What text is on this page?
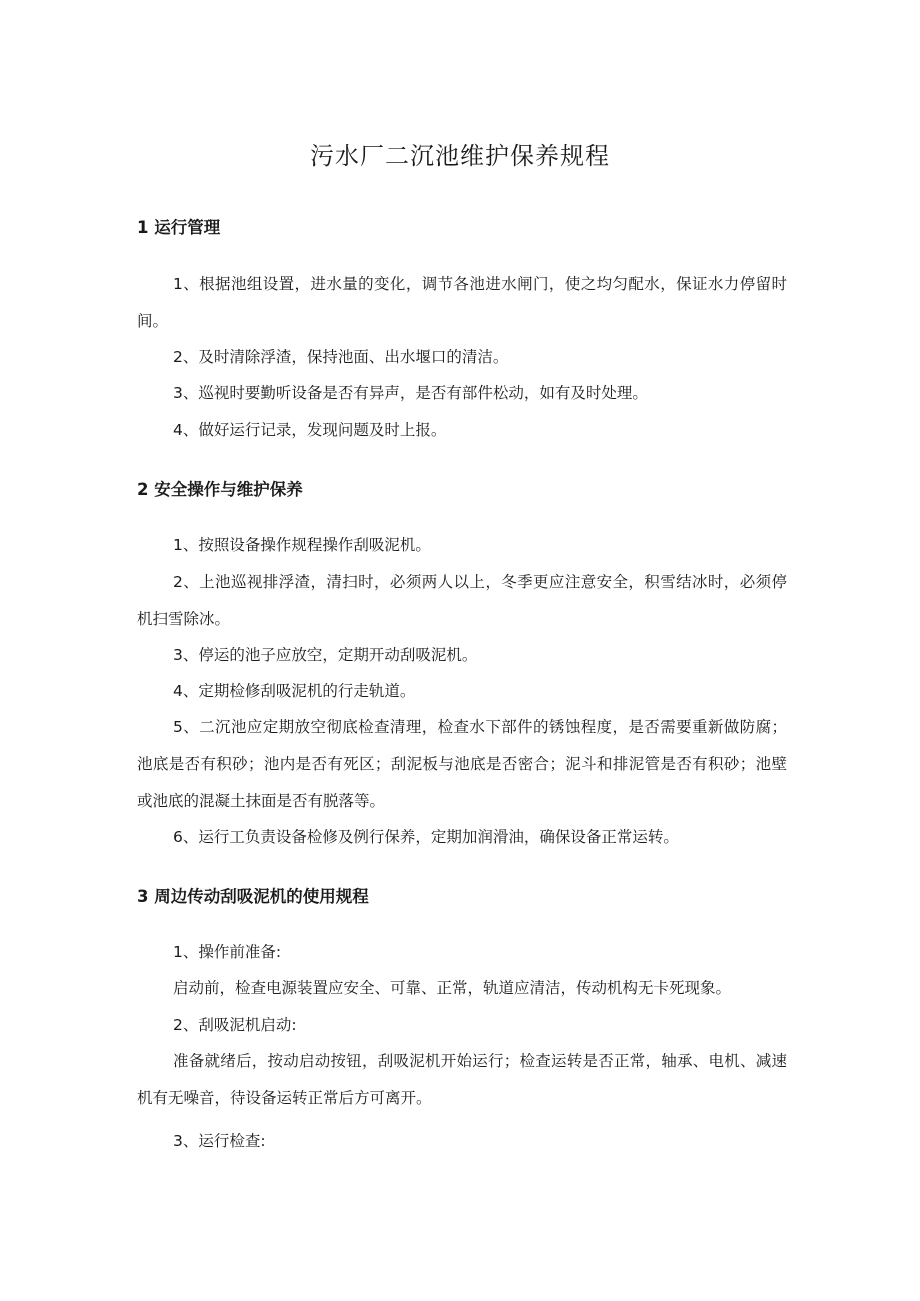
污水厂二沉池维护保养规程
1 运行管理

1、根据池组设置，进水量的变化，调节各池进水闸门，使之均匀配水，保证水力停留时间。

2、及时清除浮渣，保持池面、出水堰口的清洁。

3、巡视时要勤听设备是否有异声，是否有部件松动，如有及时处理。

4、做好运行记录，发现问题及时上报。

2 安全操作与维护保养

1、按照设备操作规程操作刮吸泥机。

2、上池巡视排浮渣，清扫时，必须两人以上，冬季更应注意安全，积雪结冰时，必须停机扫雪除冰。

3、停运的池子应放空，定期开动刮吸泥机。

4、定期检修刮吸泥机的行走轨道。

5、二沉池应定期放空彻底检查清理，检查水下部件的锈蚀程度，是否需要重新做防腐；池底是否有积砂；池内是否有死区；刮泥板与池底是否密合；泥斗和排泥管是否有积砂；池壁或池底的混凝土抹面是否有脱落等。

6、运行工负责设备检修及例行保养，定期加润滑油，确保设备正常运转。

3 周边传动刮吸泥机的使用规程

1、操作前准备:

启动前，检查电源装置应安全、可靠、正常，轨道应清洁，传动机构无卡死现象。

2、刮吸泥机启动:

准备就绪后，按动启动按钮，刮吸泥机开始运行；检查运转是否正常，轴承、电机、减速机有无噪音，待设备运转正常后方可离开。

3、运行检查:
